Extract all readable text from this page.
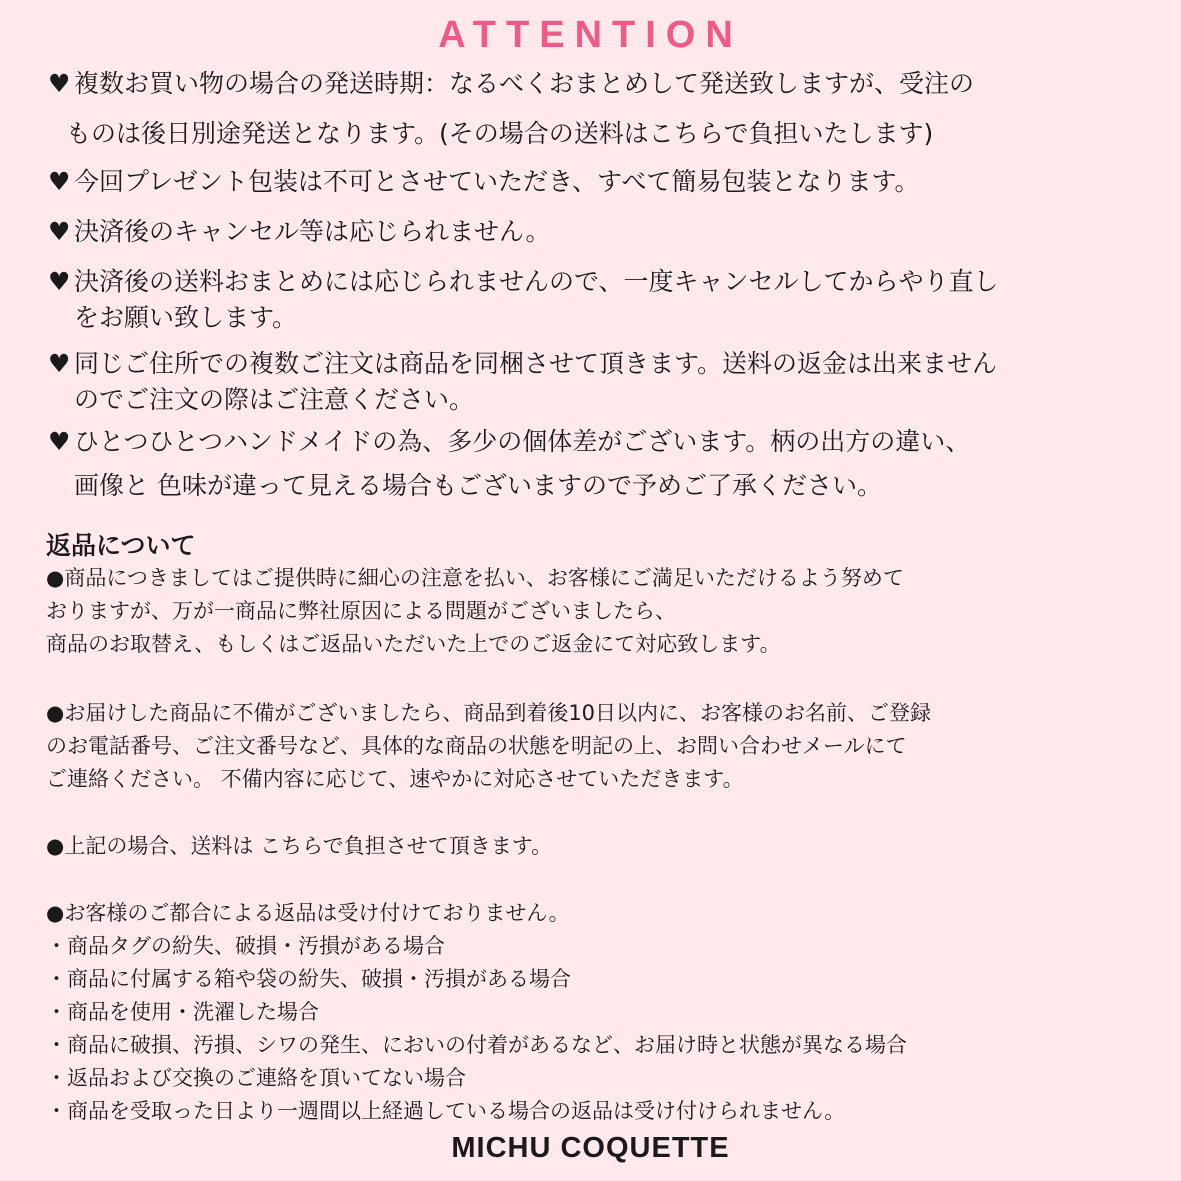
ATTENTION
♥ 複数お買い物の場合の発送時期：なるべくおまとめして発送致しますが、受注の
ものは後日別途発送となります。(その場合の送料はこちらで負担いたします)
♥ 今回プレゼント包装は不可とさせていただき、すべて簡易包装となります。
♥ 決済後のキャンセル等は応じられません。
♥ 決済後の送料おまとめには応じられませんので、一度キャンセルしてからやり直し
をお願い致します。
♥ 同じご住所での複数ご注文は商品を同梱させて頂きます。送料の返金は出来ません
のでご注文の際はご注意ください。
♥ ひとつひとつハンドメイドの為、多少の個体差がございます。柄の出方の違い、
画像と 色味が違って見える場合もございますので予めご了承ください。
返品について
●商品につきましてはご提供時に細心の注意を払い、お客様にご満足いただけるよう努めて
おりますが、万が一商品に弊社原因による問題がございましたら、
商品のお取替え、もしくはご返品いただいた上でのご返金にて対応致します。
●お届けした商品に不備がございましたら、商品到着後10日以内に、お客様のお名前、ご登録
のお電話番号、ご注文番号など、具体的な商品の状態を明記の上、お問い合わせメールにて
ご連絡ください。 不備内容に応じて、速やかに対応させていただきます。
●上記の場合、送料は こちらで負担させて頂きます。
●お客様のご都合による返品は受け付けておりません。
・商品タグの紛失、破損・汚損がある場合
・商品に付属する箱や袋の紛失、破損・汚損がある場合
・商品を使用・洗濯した場合
・商品に破損、汚損、シワの発生、においの付着があるなど、お届け時と状態が異なる場合
・返品および交換のご連絡を頂いてない場合
・商品を受取った日より一週間以上経過している場合の返品は受け付けられません。
MICHU COQUETTE
